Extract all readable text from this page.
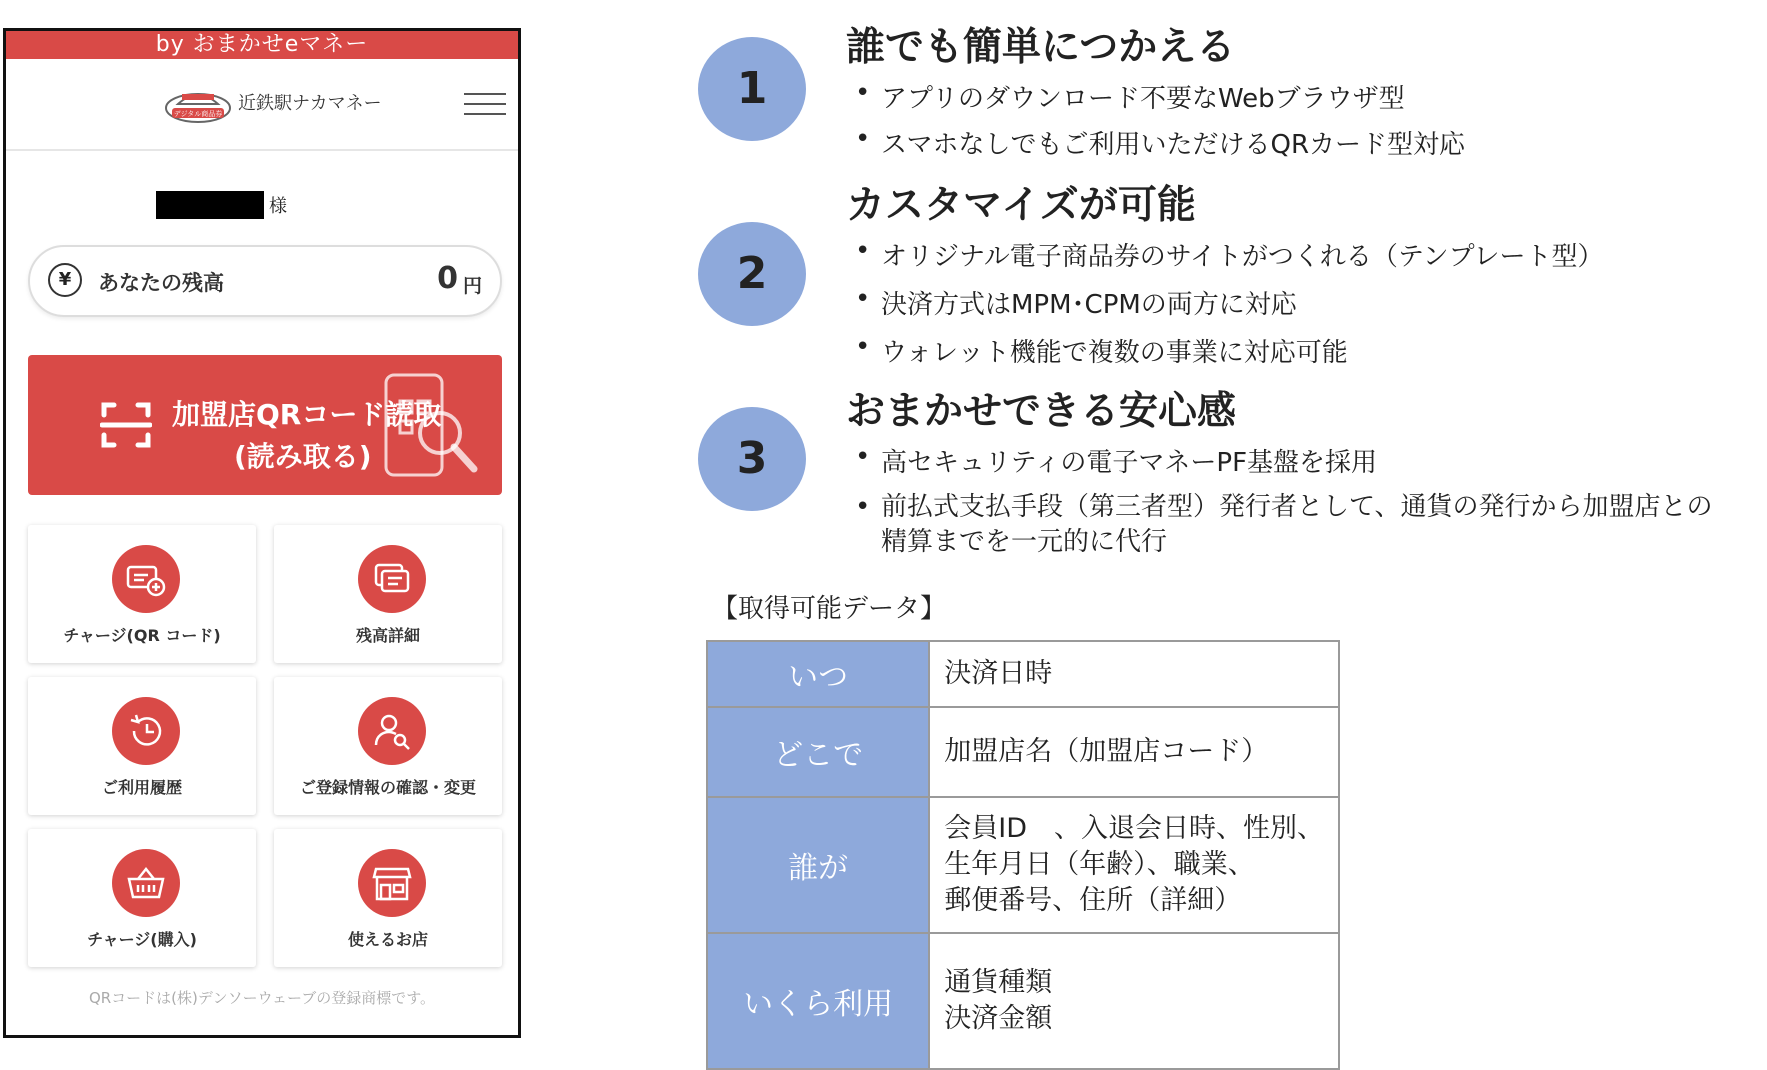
by おまかせeマネー
デジタル商品券 近鉄駅ナカマネー
様
¥	あなたの残高	0 円
加盟店QRコード読取
(読み取る)
チャージ(QR コード)	残高詳細
ご利用履歴	ご登録情報の確認・変更
チャージ(購入)	使えるお店
QRコードは(株)デンソーウェーブの登録商標です。
1
誰でも簡単につかえる
• アプリのダウンロード不要なWebブラウザ型
• スマホなしでもご利用いただけるQRカード型対応
2
カスタマイズが可能
• オリジナル電子商品券のサイトがつくれる（テンプレート型）
• 決済方式はMPM･CPMの両方に対応
• ウォレット機能で複数の事業に対応可能
3
おまかせできる安心感
• 高セキュリティの電子マネーPF基盤を採用
• 前払式支払手段（第三者型）発行者として、通貨の発行から加盟店との
精算までを一元的に代行
【取得可能データ】
いつ	決済日時

どこで	加盟店名（加盟店コード）

誰が	会員ID　、入退会日時、性別、
生年月日（年齢）、職業、
郵便番号、住所（詳細）

いくら利用	通貨種類
決済金額
